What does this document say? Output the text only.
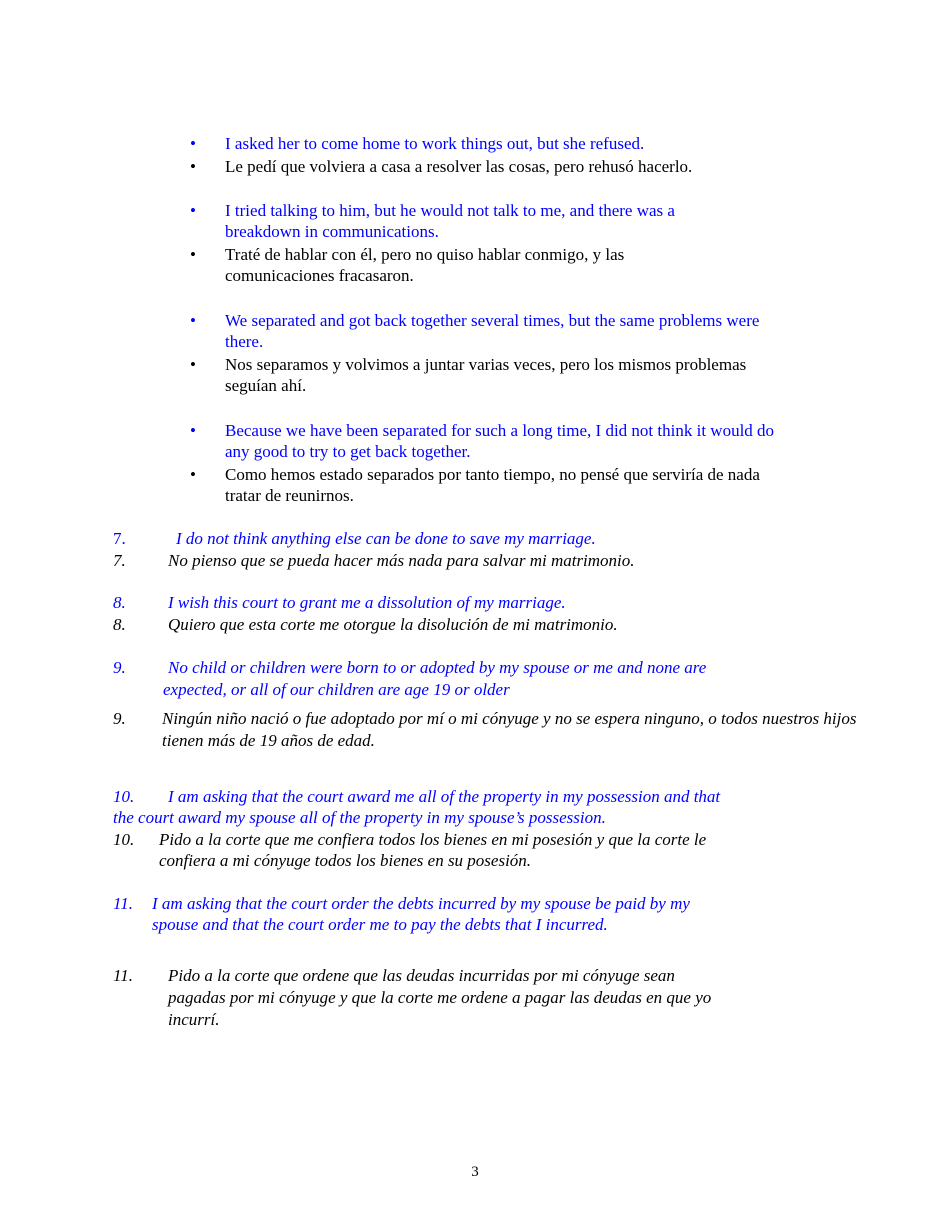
•	I asked her to come home to work things out, but she refused.
•	Le pedí que volviera a casa a resolver las cosas, pero rehusó hacerlo.
•	I tried talking to him, but he would not talk to me, and there was a
breakdown in communications.
•	Traté de hablar con él, pero no quiso hablar conmigo, y las
comunicaciones fracasaron.
•	We separated and got back together several times, but the same problems were
there.
•	Nos separamos y volvimos a juntar varias veces, pero los mismos problemas
seguían ahí.
•	Because we have been separated for such a long time, I did not think it would do
any good to try to get back together.
•	Como hemos estado separados por tanto tiempo, no pensé que serviría de nada
tratar de reunirnos.
7.	I do not think anything else can be done to save my marriage.
7. No pienso que se pueda hacer más nada para salvar mi matrimonio.
8. I wish this court to grant me a dissolution of my marriage.
8. Quiero que esta corte me otorgue la disolución de mi matrimonio.
9. No child or children were born to or adopted by my spouse or me and none are
expected, or all of our children are age 19 or older
9. Ningún niño nació o fue adoptado por mí o mi cónyuge y no se espera ninguno, o todos nuestros hijos
tienen más de 19 años de edad.
10. I am asking that the court award me all of the property in my possession and that
the court award my spouse all of the property in my spouse’s possession.
10. Pido a la corte que me confiera todos los bienes en mi posesión y que la corte le
confiera a mi cónyuge todos los bienes en su posesión.
11. I am asking that the court order the debts incurred by my spouse be paid by my
spouse and that the court order me to pay the debts that I incurred.
11. Pido a la corte que ordene que las deudas incurridas por mi cónyuge sean
pagadas por mi cónyuge y que la corte me ordene a pagar las deudas en que yo
incurrí.
3
